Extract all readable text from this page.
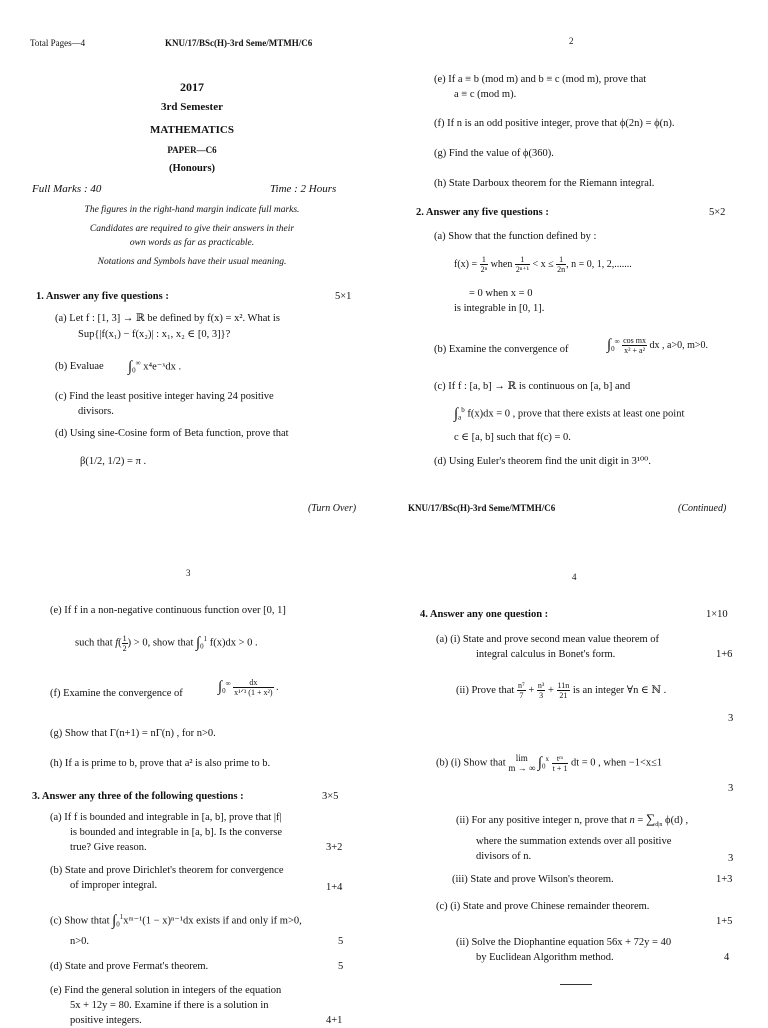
Total Pages—4	KNU/17/BSc(H)-3rd Seme/MTMH/C6
2017
3rd Semester
MATHEMATICS
PAPER—C6
(Honours)
Full Marks : 40	Time : 2 Hours
The figures in the right-hand margin indicate full marks.
Candidates are required to give their answers in their
own words as far as practicable.
Notations and Symbols have their usual meaning.
1. Answer any five questions :	5×1
(a) Let f : [1, 3] → ℝ be defined by f(x) = x². What is
Sup{|f(x₁) − f(x₂)| : x₁, x₂ ∈ [0, 3]}?
(b) Evaluae $\int_0^\infty$ x⁴e⁻ˣdx .
(c) Find the least positive integer having 24 positive
divisors.
(d) Using sine-Cosine form of Beta function, prove that
β(1/2, 1/2) = π .
(Turn Over)
2
(e) If a ≡ b (mod m) and b ≡ c (mod m), prove that
a ≡ c (mod m).
(f) If n is an odd positive integer, prove that ϕ(2n) = ϕ(n).
(g) Find the value of ϕ(360).
(h) State Darboux theorem for the Riemann integral.
2. Answer any five questions :	5×2
(a) Show that the function defined by :
$f(x) = \frac{1}{\text{2ⁿ}}$ when $\frac{1}{\text{2ⁿ⁺¹}} < x \le \frac{1}{2n}$ , n = 0, 1, 2,.......
= 0 when x = 0
is integrable in [0, 1].
(b) Examine the convergence of	$\int_0^\infty \frac{\text{cos mx}}{\text{x² + a²}}$ dx , a>0, m>0.
(c) If f : [a, b] → ℝ is continuous on [a, b] and
$\int_a^b$ f(x)dx = 0 , prove that there exists at least one point
c ∈ [a, b] such that f(c) = 0.
(d) Using Euler's theorem find the unit digit in 3¹⁰⁰.
KNU/17/BSc(H)-3rd Seme/MTMH/C6	(Continued)
3
(e) If f in a non-negative continuous function over [0, 1]
such that $f( \frac{1}{2}$ ) > 0, show that $\int_0^1$ f(x)dx > 0 .
(f) Examine the convergence of $\int_0^\infty \frac{dx}{\text{x¹ᐟ³ (1 + x²)}}$ .
(g) Show that Γ(n+1) = nΓ(n) , for n>0.
(h) If a is prime to b, prove that a² is also prime to b.
3. Answer any three of the following questions :	3×5
(a) If f is bounded and integrable in [a, b], prove that |f|
is bounded and integrable in [a, b]. Is the converse
true? Give reason.	3+2
(b) State and prove Dirichlet's theorem for convergence
of improper integral.	1+4
(c) Show thtat $\int_0^1xᵐ^{-1}(1 - x)^{n-1}dx$ exists if and only if m>0,
n>0.	5
(d) State and prove Fermat's theorem.	5
(e) Find the general solution in integers of the equation
5x + 12y = 80. Examine if there is a solution in
positive integers.	4+1
4
4. Answer any one question :	1×10
(a) (i) State and prove second mean value theorem of
integral calculus in Bonet's form.	1+6
(ii) Prove that $\frac{\text{n⁷}}{7} + \frac{\text{n³}}{3} + \frac{11n}{21}$ is an integer ∀n ∈ ℕ .
3
(b) (i) Show that lim
m → ∞ $\int_0^x \frac{\text{tᵐ}}{t + 1}$ dt = 0 , when −1<x≤1
3
(ii) For any positive integer n, prove that $n = \sum_{d|n}$ ϕ(d) ,
where the summation extends over all positive
divisors of n.	3
(iii) State and prove Wilson's theorem.	1+3
(c) (i) State and prove Chinese remainder theorem.
1+5
(ii) Solve the Diophantine equation 56x + 72y = 40
by Euclidean Algorithm method.	4
